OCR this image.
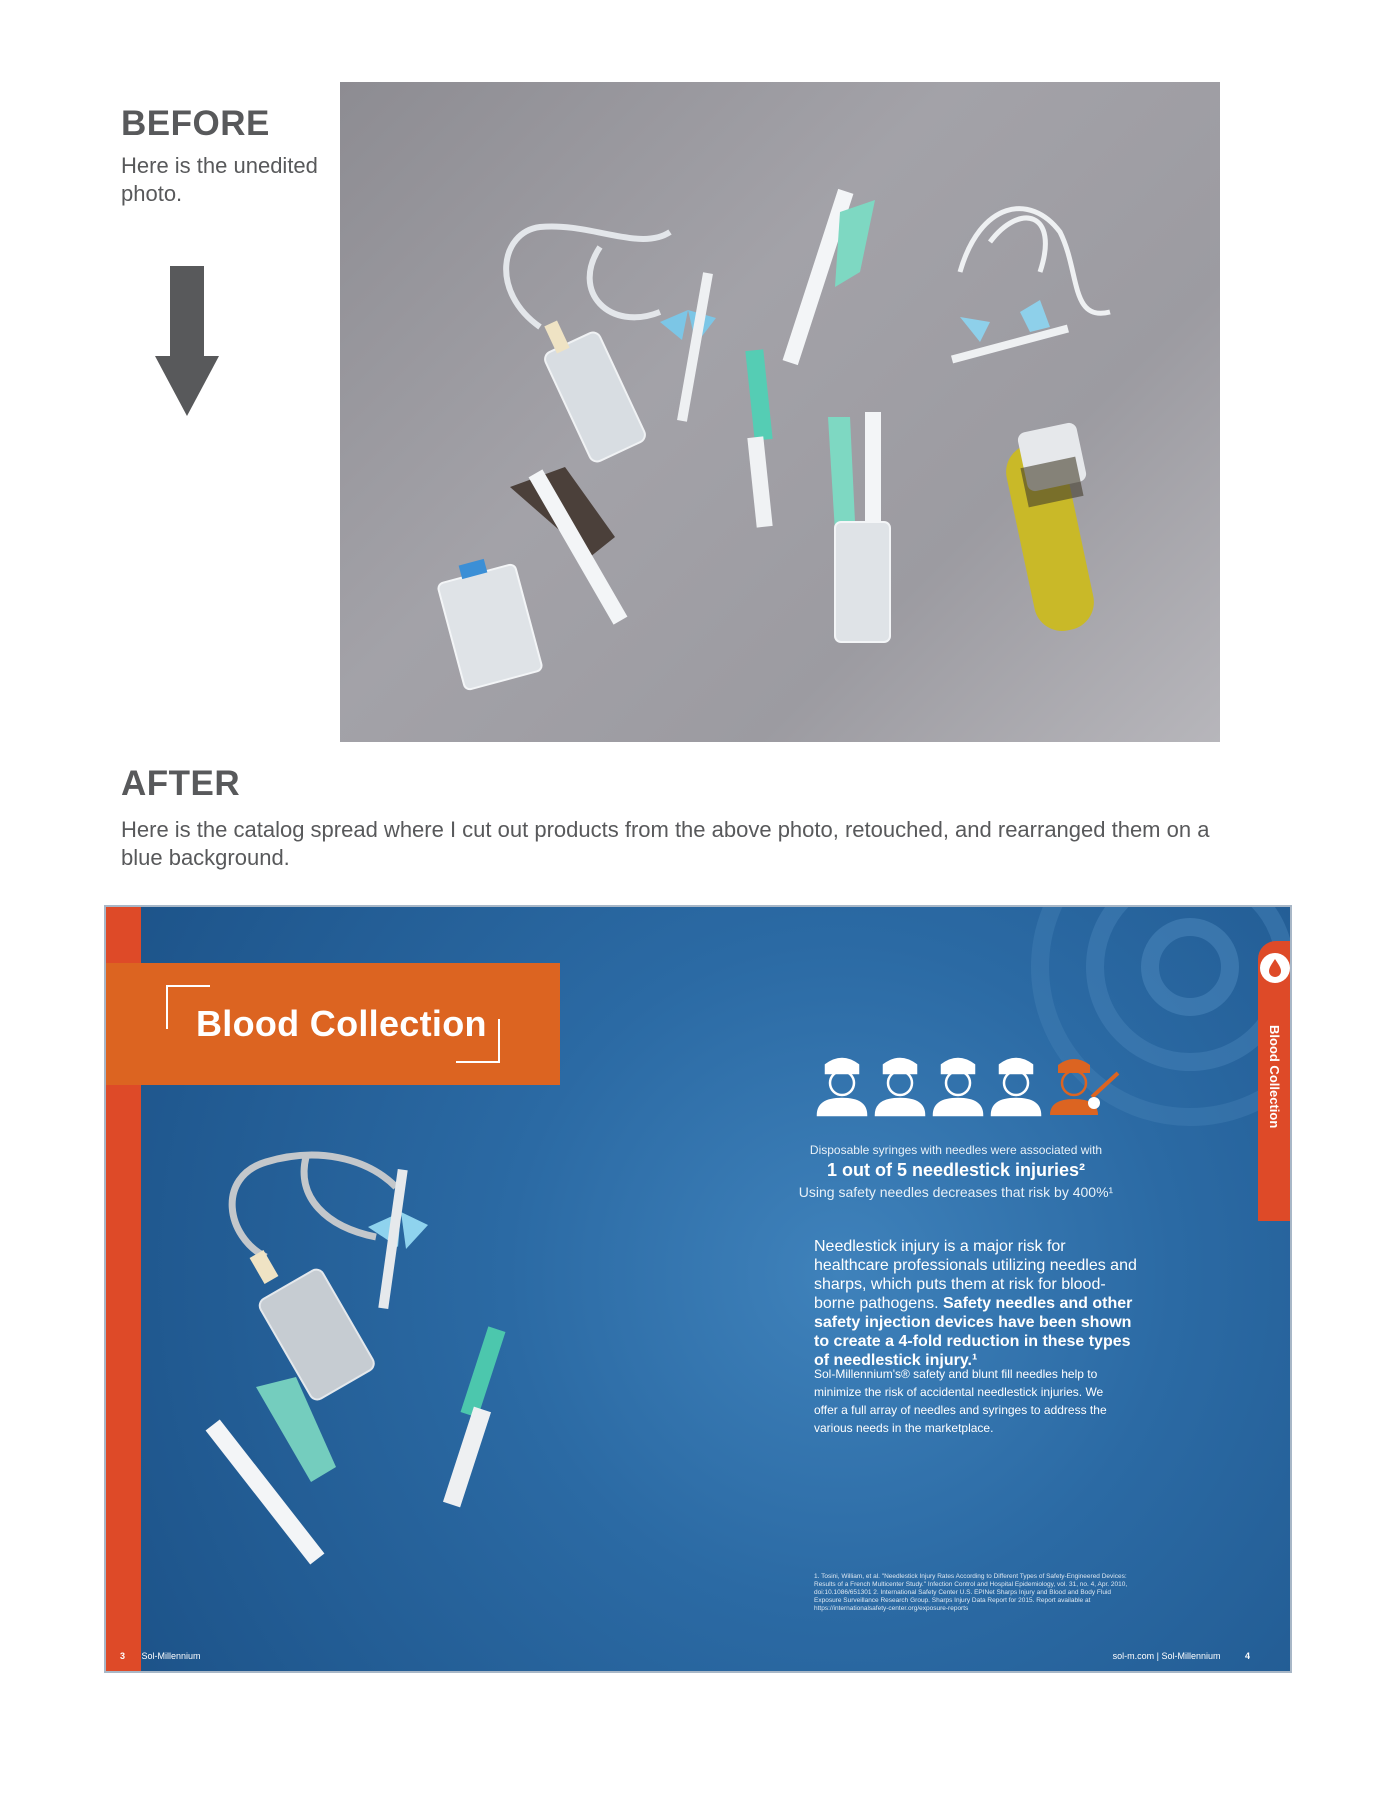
BEFORE

Here is the unedited photo.

AFTER

Here is the catalog spread where I cut out products from the above photo, retouched, and rearranged them on a blue background.

Blood Collection
Blood Collection
Disposable syringes with needles were associated with
1 out of 5 needlestick injuries²
Using safety needles decreases that risk by 400%¹
Needlestick injury is a major risk for healthcare professionals utilizing needles and sharps, which puts them at risk for blood-borne pathogens. Safety needles and other safety injection devices have been shown to create a 4-fold reduction in these types of needlestick injury.¹
Sol-Millennium's® safety and blunt fill needles help to minimize the risk of accidental needlestick injuries. We offer a full array of needles and syringes to address the various needs in the marketplace.
1. Tosini, William, et al. "Needlestick Injury Rates According to Different Types of Safety-Engineered Devices: Results of a French Multicenter Study." Infection Control and Hospital Epidemiology, vol. 31, no. 4, Apr. 2010, doi:10.1086/651301 2. International Safety Center U.S. EPINet Sharps Injury and Blood and Body Fluid Exposure Surveillance Research Group. Sharps Injury Data Report for 2015. Report available at https://internationalsafety-center.org/exposure-reports
3 Sol-Millennium	sol-m.com | Sol-Millennium	4
